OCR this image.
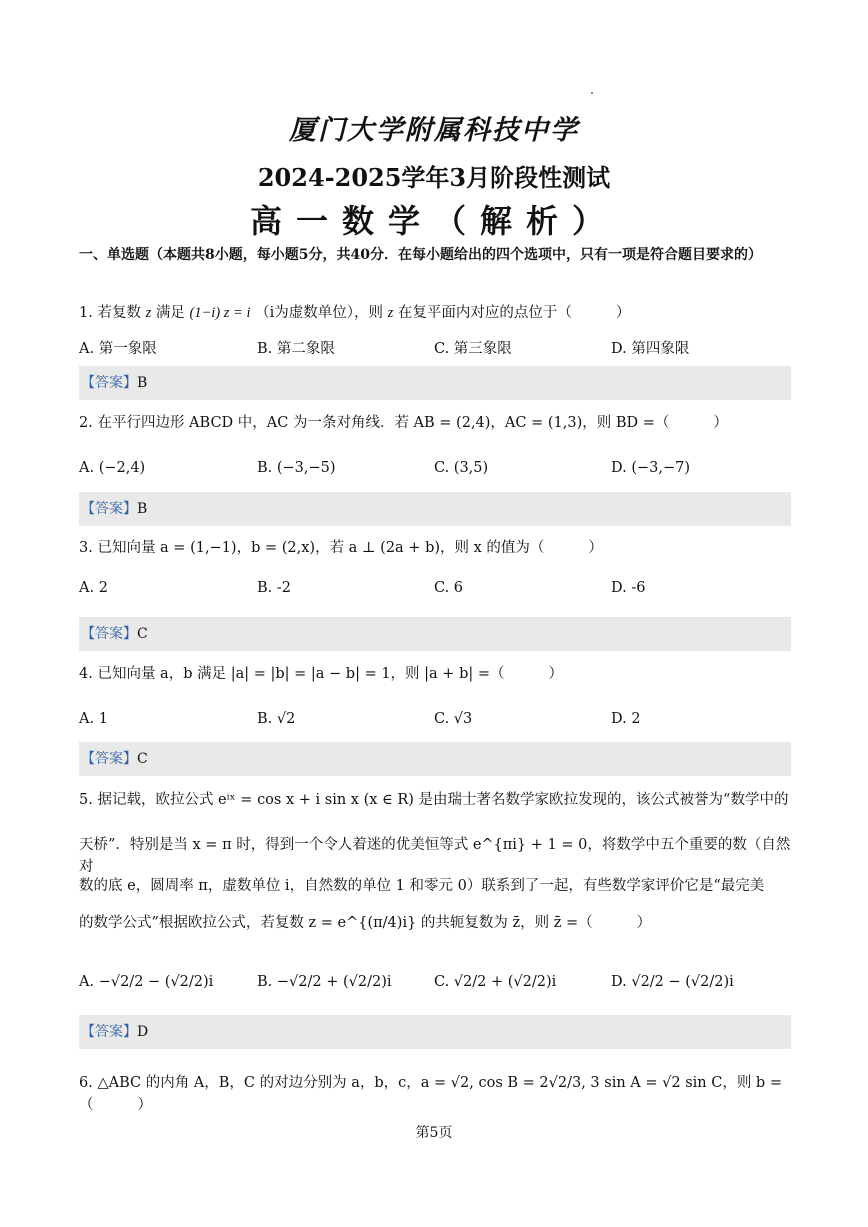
厦门大学附属科技中学
2024-2025学年3月阶段性测试
高一数学（解析）
一、单选题（本题共8小题，每小题5分，共40分．在每小题给出的四个选项中，只有一项是符合题目要求的）
1. 若复数 z 满足 (1−i) z = i （i为虚数单位），则 z 在复平面内对应的点位于（	）
A. 第一象限	B. 第二象限	C. 第三象限	D. 第四象限
【答案】B
2. 在平行四边形 ABCD 中，AC 为一条对角线．若 AB = (2,4)，AC = (1,3)，则 BD =（	）
A. (−2,4)	B. (−3,−5)	C. (3,5)	D. (−3,−7)
【答案】B
3. 已知向量 a = (1,−1)，b = (2,x)，若 a ⊥ (2a + b)，则 x 的值为（	）
A. 2	B. -2	C. 6	D. -6
【答案】C
4. 已知向量 a，b 满足 |a| = |b| = |a − b| = 1，则 |a + b| =（	）
A. 1	B. √2	C. √3	D. 2
【答案】C
5. 据记载，欧拉公式 eⁱˣ = cos x + i sin x (x ∈ R) 是由瑞士著名数学家欧拉发现的，该公式被誉为“数学中的
天桥”．特别是当 x = π 时，得到一个令人着迷的优美恒等式 e^{πi} + 1 = 0，将数学中五个重要的数（自然对
数的底 e，圆周率 π，虚数单位 i，自然数的单位 1 和零元 0）联系到了一起，有些数学家评价它是“最完美
的数学公式”根据欧拉公式，若复数 z = e^{(π/4)i} 的共轭复数为 z̄，则 z̄ =（	）
A. −√2/2 − (√2/2)i	B. −√2/2 + (√2/2)i	C. √2/2 + (√2/2)i	D. √2/2 − (√2/2)i
【答案】D
6. △ABC 的内角 A，B，C 的对边分别为 a，b，c，a = √2, cos B = 2√2/3, 3 sin A = √2 sin C，则 b =（	）
第5页
